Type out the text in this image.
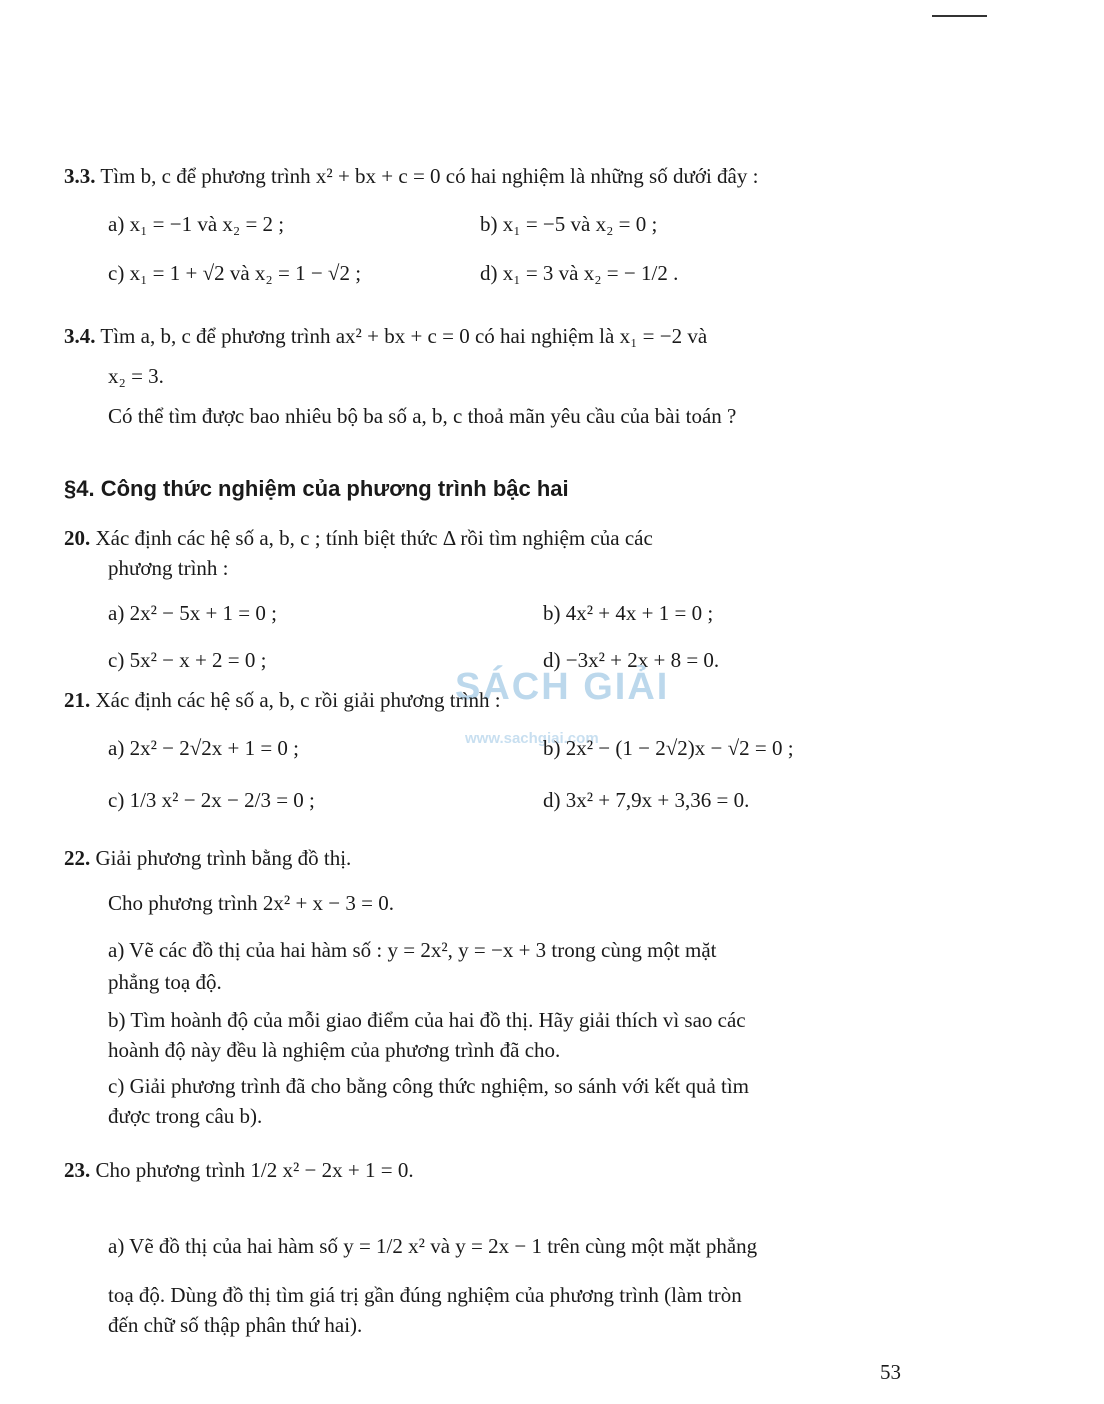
3.3. Tìm b, c để phương trình x² + bx + c = 0 có hai nghiệm là những số dưới đây :
a) x₁ = −1 và x₂ = 2 ;	b) x₁ = −5 và x₂ = 0 ;
c) x₁ = 1 + √2 và x₂ = 1 − √2 ;	d) x₁ = 3 và x₂ = − 1/2 .
3.4. Tìm a, b, c để phương trình ax² + bx + c = 0 có hai nghiệm là x₁ = −2 và
x₂ = 3.
Có thể tìm được bao nhiêu bộ ba số a, b, c thoả mãn yêu cầu của bài toán ?
§4. Công thức nghiệm của phương trình bậc hai
20. Xác định các hệ số a, b, c ; tính biệt thức Δ rồi tìm nghiệm của các
phương trình :
a) 2x² − 5x + 1 = 0 ;	b) 4x² + 4x + 1 = 0 ;
c) 5x² − x + 2 = 0 ;	d) −3x² + 2x + 8 = 0.
SÁCH GIẢI
www.sachgiai.com
21. Xác định các hệ số a, b, c rồi giải phương trình :
a) 2x² − 2√2x + 1 = 0 ;	b) 2x² − (1 − 2√2)x − √2 = 0 ;
c) 1/3 x² − 2x − 2/3 = 0 ;	d) 3x² + 7,9x + 3,36 = 0.
22. Giải phương trình bằng đồ thị.
Cho phương trình 2x² + x − 3 = 0.
a) Vẽ các đồ thị của hai hàm số : y = 2x², y = −x + 3 trong cùng một mặt
phẳng toạ độ.
b) Tìm hoành độ của mỗi giao điểm của hai đồ thị. Hãy giải thích vì sao các
hoành độ này đều là nghiệm của phương trình đã cho.
c) Giải phương trình đã cho bằng công thức nghiệm, so sánh với kết quả tìm
được trong câu b).
23. Cho phương trình 1/2 x² − 2x + 1 = 0.
a) Vẽ đồ thị của hai hàm số y = 1/2 x² và y = 2x − 1 trên cùng một mặt phẳng
toạ độ. Dùng đồ thị tìm giá trị gần đúng nghiệm của phương trình (làm tròn
đến chữ số thập phân thứ hai).
53
